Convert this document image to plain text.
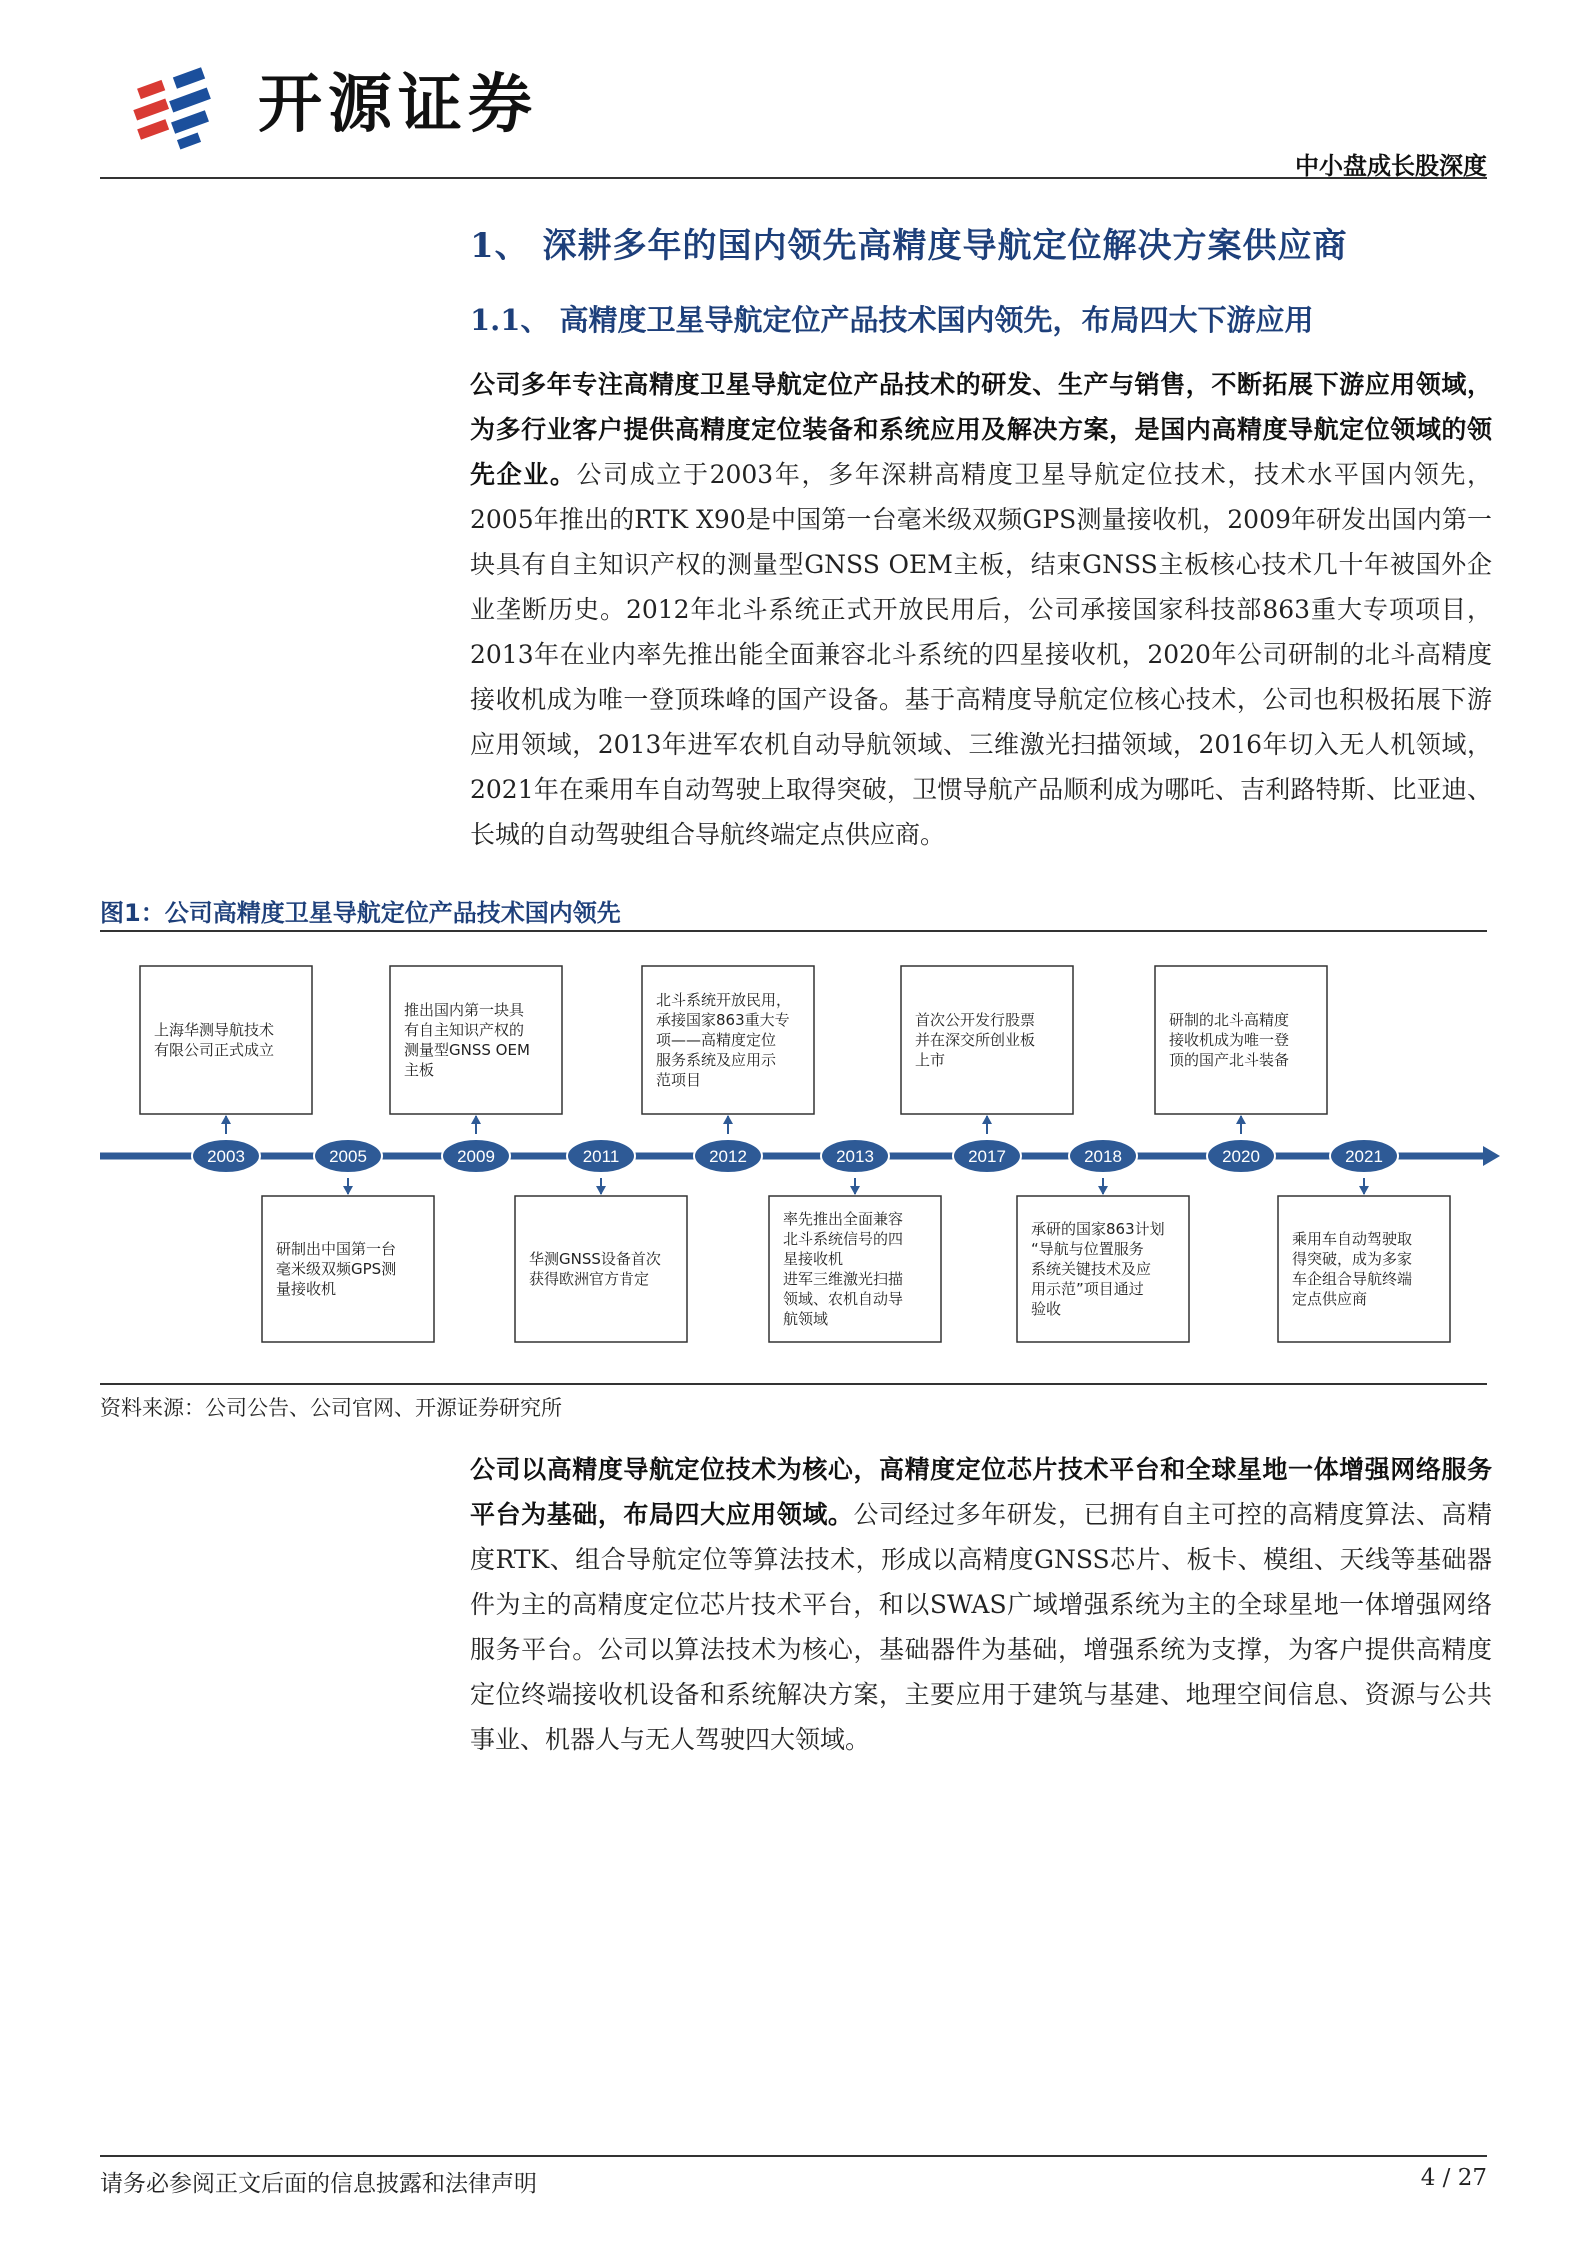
开源证券
中小盘成长股深度
1、 深耕多年的国内领先高精度导航定位解决方案供应商
1.1、 高精度卫星导航定位产品技术国内领先，布局四大下游应用
公司多年专注高精度卫星导航定位产品技术的研发、生产与销售，不断拓展下游应用领域，为多行业客户提供高精度定位装备和系统应用及解决方案，是国内高精度导航定位领域的领先企业。公司成立于2003年，多年深耕高精度卫星导航定位技术，技术水平国内领先，2005年推出的RTK X90是中国第一台毫米级双频GPS测量接收机，2009年研发出国内第一块具有自主知识产权的测量型GNSS OEM主板，结束GNSS主板核心技术几十年被国外企业垄断历史。2012年北斗系统正式开放民用后，公司承接国家科技部863重大专项项目，2013年在业内率先推出能全面兼容北斗系统的四星接收机，2020年公司研制的北斗高精度接收机成为唯一登顶珠峰的国产设备。基于高精度导航定位核心技术，公司也积极拓展下游应用领域，2013年进军农机自动导航领域、三维激光扫描领域，2016年切入无人机领域，2021年在乘用车自动驾驶上取得突破，卫惯导航产品顺利成为哪吒、吉利路特斯、比亚迪、长城的自动驾驶组合导航终端定点供应商。
图1：公司高精度卫星导航定位产品技术国内领先
上海华测导航技术
有限公司正式成立
推出国内第一块具
有自主知识产权的
测量型GNSS OEM
主板
北斗系统开放民用，
承接国家863重大专
项——高精度定位
服务系统及应用示
范项目
首次公开发行股票
并在深交所创业板
上市
研制的北斗高精度
接收机成为唯一登
顶的国产北斗装备
研制出中国第一台
毫米级双频GPS测
量接收机
华测GNSS设备首次
获得欧洲官方肯定
率先推出全面兼容
北斗系统信号的四
星接收机
进军三维激光扫描
领域、农机自动导
航领域
承研的国家863计划
“导航与位置服务
系统关键技术及应
用示范”项目通过
验收
乘用车自动驾驶取
得突破，成为多家
车企组合导航终端
定点供应商
2003	2005	2009	2011	2012	2013	2017	2018	2020	2021
资料来源：公司公告、公司官网、开源证券研究所
公司以高精度导航定位技术为核心，高精度定位芯片技术平台和全球星地一体增强网络服务平台为基础，布局四大应用领域。公司经过多年研发，已拥有自主可控的高精度算法、高精度RTK、组合导航定位等算法技术，形成以高精度GNSS芯片、板卡、模组、天线等基础器件为主的高精度定位芯片技术平台，和以SWAS广域增强系统为主的全球星地一体增强网络服务平台。公司以算法技术为核心，基础器件为基础，增强系统为支撑，为客户提供高精度定位终端接收机设备和系统解决方案，主要应用于建筑与基建、地理空间信息、资源与公共事业、机器人与无人驾驶四大领域。
请务必参阅正文后面的信息披露和法律声明	4 / 27
